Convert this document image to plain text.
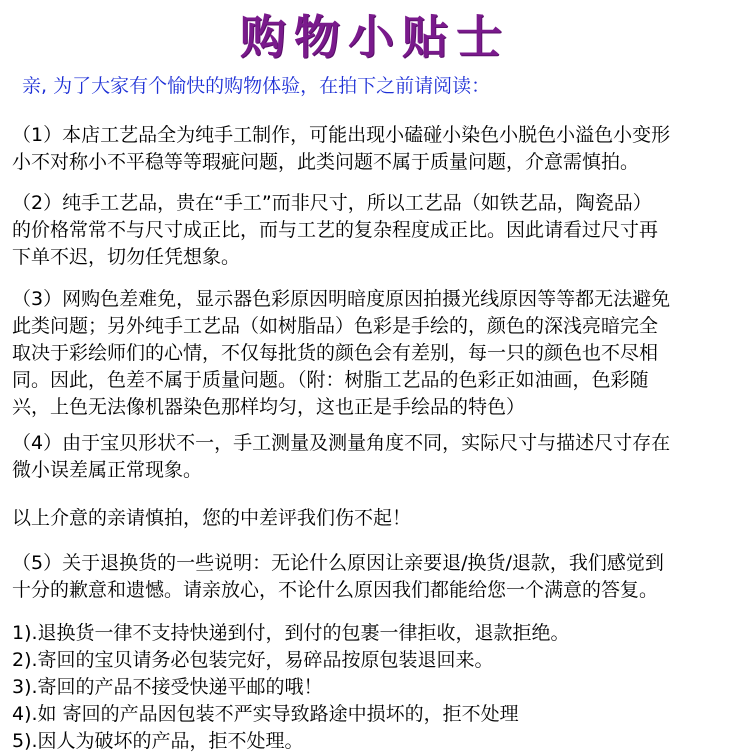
购物小贴士
亲, 为了大家有个愉快的购物体验，在拍下之前请阅读：
（1）本店工艺品全为纯手工制作，可能出现小磕碰小染色小脱色小溢色小变形
小不对称小不平稳等等瑕疵问题，此类问题不属于质量问题，介意需慎拍。
（2）纯手工艺品，贵在“手工”而非尺寸，所以工艺品（如铁艺品，陶瓷品）
的价格常常不与尺寸成正比，而与工艺的复杂程度成正比。因此请看过尺寸再
下单不迟，切勿任凭想象。
（3）网购色差难免，显示器色彩原因明暗度原因拍摄光线原因等等都无法避免
此类问题；另外纯手工艺品（如树脂品）色彩是手绘的，颜色的深浅亮暗完全
取决于彩绘师们的心情，不仅每批货的颜色会有差别，每一只的颜色也不尽相
同。因此，色差不属于质量问题。（附：树脂工艺品的色彩正如油画，色彩随
兴，上色无法像机器染色那样均匀，这也正是手绘品的特色）
（4）由于宝贝形状不一，手工测量及测量角度不同，实际尺寸与描述尺寸存在
微小误差属正常现象。
以上介意的亲请慎拍，您的中差评我们伤不起！
（5）关于退换货的一些说明：无论什么原因让亲要退/换货/退款，我们感觉到
十分的歉意和遗憾。请亲放心，不论什么原因我们都能给您一个满意的答复。
1).退换货一律不支持快递到付，到付的包裹一律拒收，退款拒绝。
2).寄回的宝贝请务必包装完好，易碎品按原包装退回来。
3).寄回的产品不接受快递平邮的哦！
4).如 寄回的产品因包装不严实导致路途中损坏的，拒不处理
5).因人为破坏的产品，拒不处理。
